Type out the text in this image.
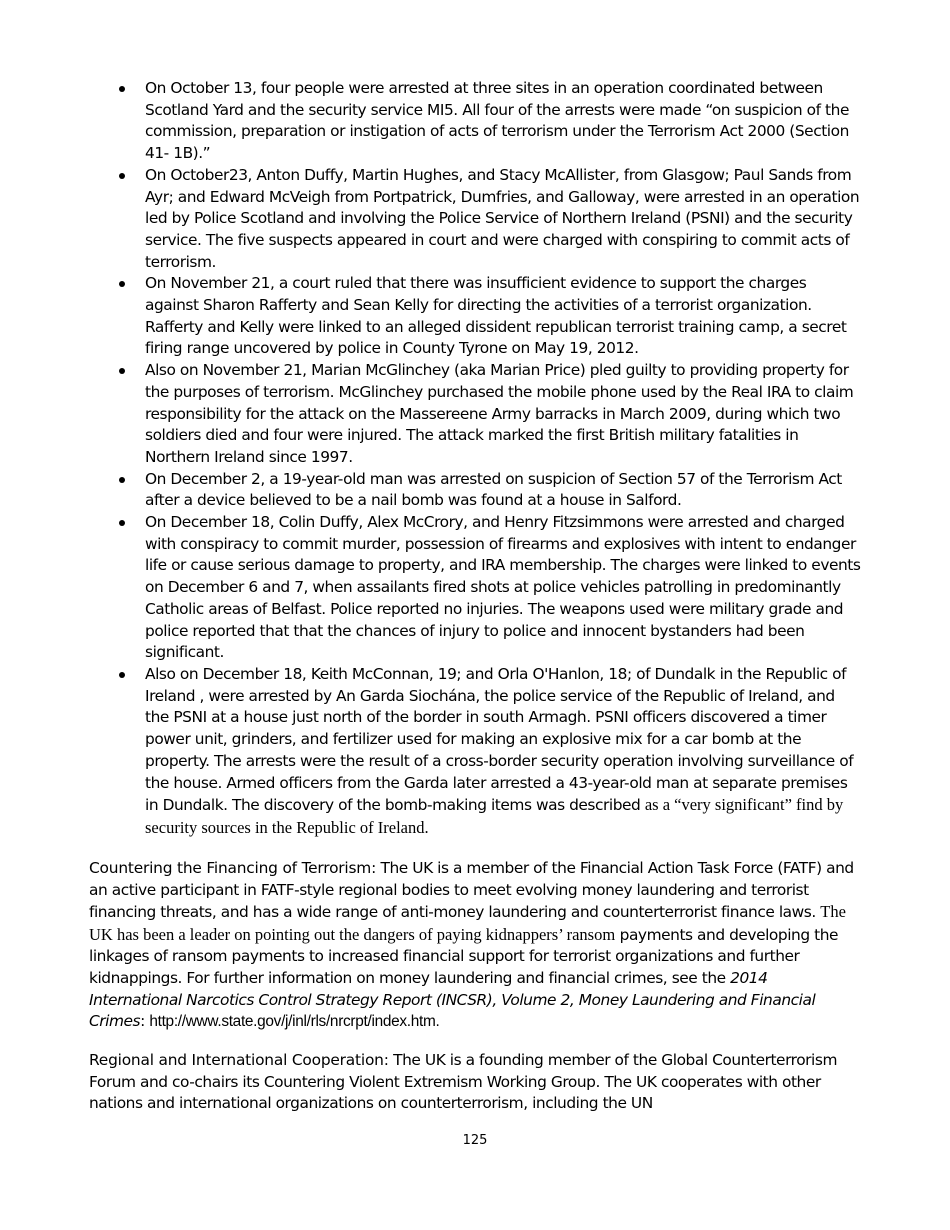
On October 13, four people were arrested at three sites in an operation coordinated between Scotland Yard and the security service MI5. All four of the arrests were made “on suspicion of the commission, preparation or instigation of acts of terrorism under the Terrorism Act 2000 (Section 41- 1B).”
On October23, Anton Duffy, Martin Hughes, and Stacy McAllister, from Glasgow; Paul Sands from Ayr; and Edward McVeigh from Portpatrick, Dumfries, and Galloway, were arrested in an operation led by Police Scotland and involving the Police Service of Northern Ireland (PSNI) and the security service. The five suspects appeared in court and were charged with conspiring to commit acts of terrorism.
On November 21, a court ruled that there was insufficient evidence to support the charges against Sharon Rafferty and Sean Kelly for directing the activities of a terrorist organization. Rafferty and Kelly were linked to an alleged dissident republican terrorist training camp, a secret firing range uncovered by police in County Tyrone on May 19, 2012.
Also on November 21, Marian McGlinchey (aka Marian Price) pled guilty to providing property for the purposes of terrorism. McGlinchey purchased the mobile phone used by the Real IRA to claim responsibility for the attack on the Massereene Army barracks in March 2009, during which two soldiers died and four were injured. The attack marked the first British military fatalities in Northern Ireland since 1997.
On December 2, a 19-year-old man was arrested on suspicion of Section 57 of the Terrorism Act after a device believed to be a nail bomb was found at a house in Salford.
On December 18, Colin Duffy, Alex McCrory, and Henry Fitzsimmons were arrested and charged with conspiracy to commit murder, possession of firearms and explosives with intent to endanger life or cause serious damage to property, and IRA membership. The charges were linked to events on December 6 and 7, when assailants fired shots at police vehicles patrolling in predominantly Catholic areas of Belfast. Police reported no injuries. The weapons used were military grade and police reported that that the chances of injury to police and innocent bystanders had been significant.
Also on December 18, Keith McConnan, 19; and Orla O'Hanlon, 18; of Dundalk in the Republic of Ireland , were arrested by An Garda Siochána, the police service of the Republic of Ireland, and the PSNI at a house just north of the border in south Armagh. PSNI officers discovered a timer power unit, grinders, and fertilizer used for making an explosive mix for a car bomb at the property. The arrests were the result of a cross-border security operation involving surveillance of the house. Armed officers from the Garda later arrested a 43-year-old man at separate premises in Dundalk. The discovery of the bomb-making items was described as a “very significant” find by security sources in the Republic of Ireland.

Countering the Financing of Terrorism: The UK is a member of the Financial Action Task Force (FATF) and an active participant in FATF-style regional bodies to meet evolving money laundering and terrorist financing threats, and has a wide range of anti-money laundering and counterterrorist finance laws. The UK has been a leader on pointing out the dangers of paying kidnappers’ ransom payments and developing the linkages of ransom payments to increased financial support for terrorist organizations and further kidnappings. For further information on money laundering and financial crimes, see the 2014 International Narcotics Control Strategy Report (INCSR), Volume 2, Money Laundering and Financial Crimes: http://www.state.gov/j/inl/rls/nrcrpt/index.htm.

Regional and International Cooperation: The UK is a founding member of the Global Counterterrorism Forum and co-chairs its Countering Violent Extremism Working Group. The UK cooperates with other nations and international organizations on counterterrorism, including the UN

125
